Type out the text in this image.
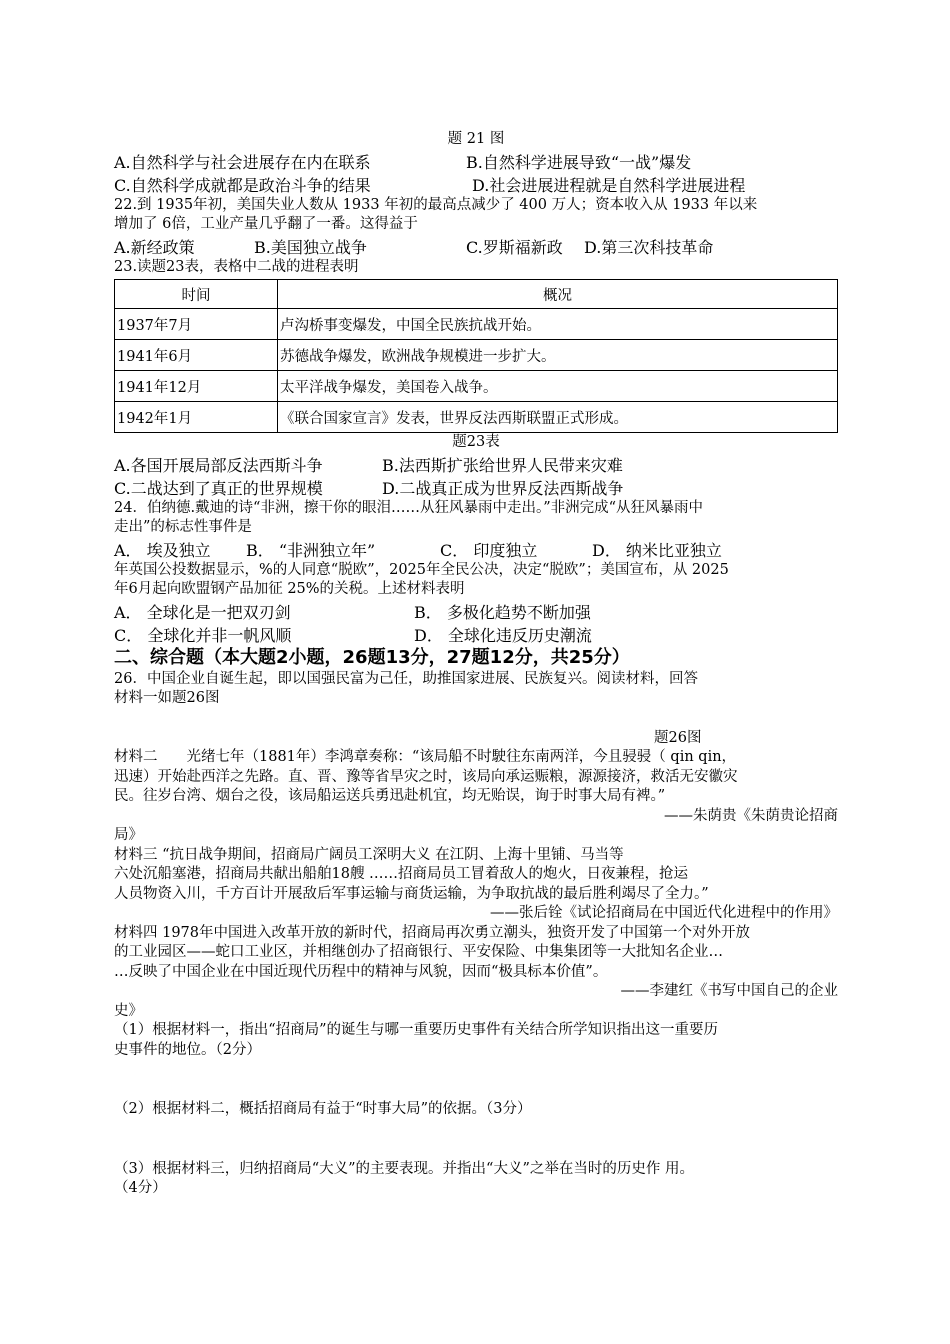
题 21 图
A.自然科学与社会进展存在内在联系	B.自然科学进展导致“一战”爆发
C.自然科学成就都是政治斗争的结果	D.社会进展进程就是自然科学进展进程
22.到 1935年初，美国失业人数从 1933 年初的最高点减少了 400 万人；资本收入从 1933 年以来
增加了 6倍，工业产量几乎翻了一番。这得益于
A.新经政策	B.美国独立战争	C.罗斯福新政	D.第三次科技革命
23.读题23表，表格中二战的进程表明
时间	概况
1937年7月	卢沟桥事变爆发，中国全民族抗战开始。
1941年6月	苏德战争爆发，欧洲战争规模进一步扩大。
1941年12月	太平洋战争爆发，美国卷入战争。
1942年1月	《联合国家宣言》发表，世界反法西斯联盟正式形成。
题23表
A.各国开展局部反法西斯斗争	B.法西斯扩张给世界人民带来灾难
C.二战达到了真正的世界规模	D.二战真正成为世界反法西斯战争
24．伯纳德.戴迪的诗“非洲，擦干你的眼泪……从狂风暴雨中走出。”非洲完成“从狂风暴雨中
走出”的标志性事件是
A． 埃及独立	B． “非洲独立年”	C． 印度独立	D． 纳米比亚独立
年英国公投数据显示，%的人同意“脱欧”，2025年全民公决，决定“脱欧”；美国宣布，从 2025
年6月起向欧盟钢产品加征 25%的关税。上述材料表明
A． 全球化是一把双刃剑	B． 多极化趋势不断加强
C． 全球化并非一帆风顺	D． 全球化违反历史潮流
二、综合题（本大题2小题，26题13分，27题12分，共25分）
26．中国企业自诞生起，即以国强民富为己任，助推国家进展、民族复兴。阅读材料，回答
材料一如题26图
题26图
材料二　　光绪七年（1881年）李鸿章奏称：“该局船不时駛往东南两洋，今且骎骎（ qin qin，
迅速）开始赴西洋之先路。直、晋、豫等省旱灾之时，该局向承运赈粮，源源接济，救活无安徽灾
民。往岁台湾、烟台之役，该局船运送兵勇迅赴机宜，均无贻误，询于时事大局有裨。”
——朱荫贵《朱荫贵论招商
局》
材料三 “抗日战争期间，招商局广阔员工深明大义 在江阴、上海十里铺、马当等
六处沉船塞港，招商局共献出船舶18艘 ……招商局员工冒着敌人的炮火，日夜兼程，抢运
人员物资入川，千方百计开展敌后军事运输与商货运输，为争取抗战的最后胜利竭尽了全力。”
——张后铨《试论招商局在中国近代化进程中的作用》
材料四 1978年中国进入改革开放的新时代，招商局再次勇立潮头，独资开发了中国第一个对外开放
的工业园区——蛇口工业区，并相继创办了招商银行、平安保险、中集集团等一大批知名企业…
…反映了中国企业在中国近现代历程中的精神与风貌，因而“极具标本价值”。
——李建红《书写中国自己的企业
史》
（1）根据材料一，指出“招商局”的诞生与哪一重要历史事件有关结合所学知识指出这一重要历
史事件的地位。（2分）
（2）根据材料二，概括招商局有益于“时事大局”的依据。（3分）
（3）根据材料三，归纳招商局“大义”的主要表现。并指出“大义”之举在当时的历史作 用。
（4分）
